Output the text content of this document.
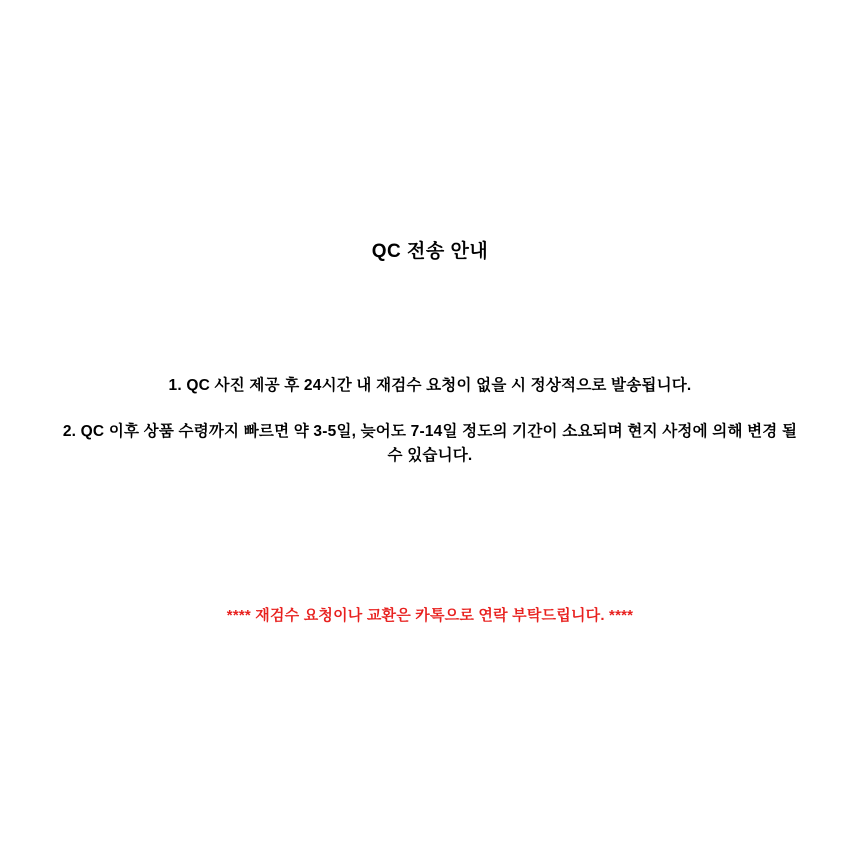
QC 전송 안내
1. QC 사진 제공 후 24시간 내 재검수 요청이 없을 시 정상적으로 발송됩니다.
2. QC 이후 상품 수령까지 빠르면 약 3-5일, 늦어도 7-14일 정도의 기간이 소요되며 현지 사정에 의해 변경 될 수 있습니다.
**** 재검수 요청이나 교환은 카톡으로 연락 부탁드립니다. ****
